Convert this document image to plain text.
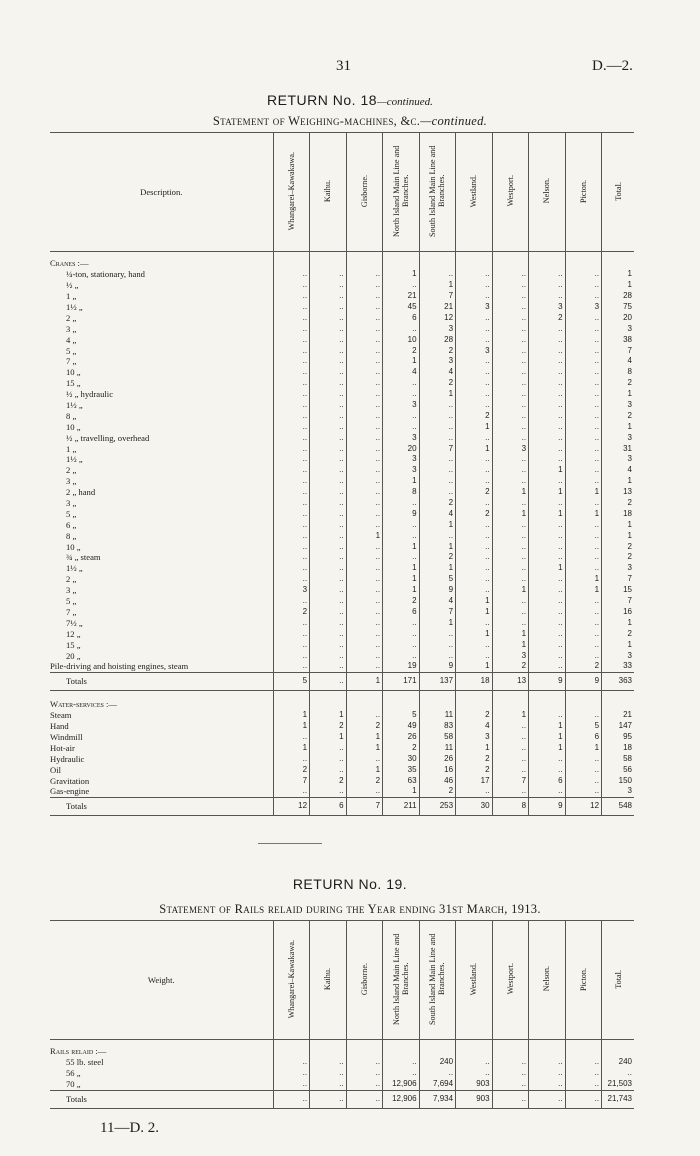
31	D.—2.
RETURN No. 18—continued.
Statement of Weighing-machines, &c.—continued.
Description.	Whangarei–Kawakawa.	Kaihu.	Gisborne.	North Island Main Line and Branches.	South Island Main Line and Branches.	Westland.	Westport.	Nelson.	Picton.	Total.

Cranes :—										
¼-ton, stationary, hand	..	..	..	1	..	..	..	..	..	1
½ „	..	..	..	..	1	..	..	..	..	1
1 „	..	..	..	21	7	..	..	..	..	28
1½ „	..	..	..	45	21	3	..	3	3	75
2 „	..	..	..	6	12	..	..	2	..	20
3 „	..	..	..	..	3	..	..	..	..	3
4 „	..	..	..	10	28	..	..	..	..	38
5 „	..	..	..	2	2	3	..	..	..	7
7 „	..	..	..	1	3	..	..	..	..	4
10 „	..	..	..	4	4	..	..	..	..	8
15 „	..	..	..	..	2	..	..	..	..	2
½ „ hydraulic	..	..	..	..	1	..	..	..	..	1
1½ „	..	..	..	3	..	..	..	..	..	3
8 „	..	..	..	..	..	2	..	..	..	2
10 „	..	..	..	..	..	1	..	..	..	1
½ „ travelling, overhead	..	..	..	3	..	..	..	..	..	3
1 „	..	..	..	20	7	1	3	..	..	31
1½ „	..	..	..	3	..	..	..	..	..	3
2 „	..	..	..	3	..	..	..	1	..	4
3 „	..	..	..	1	..	..	..	..	..	1
2 „ hand	..	..	..	8	..	2	1	1	1	13
3 „	..	..	..	..	2	..	..	..	..	2
5 „	..	..	..	9	4	2	1	1	1	18
6 „	..	..	..	..	1	..	..	..	..	1
8 „	..	..	1	..	..	..	..	..	..	1
10 „	..	..	..	1	1	..	..	..	..	2
¾ „ steam	..	..	..	..	2	..	..	..	..	2
1½ „	..	..	..	1	1	..	..	1	..	3
2 „	..	..	..	1	5	..	..	..	1	7
3 „	3	..	..	1	9	..	1	..	1	15
5 „	..	..	..	2	4	1	..	..	..	7
7 „	2	..	..	6	7	1	..	..	..	16
7½ „	..	..	..	..	1	..	..	..	..	1
12 „	..	..	..	..	..	1	1	..	..	2
15 „	..	..	..	..	..	..	1	..	..	1
20 „	..	..	..	..	..	..	3	..	..	3
Pile-driving and hoisting engines, steam	..	..	..	19	9	1	2	..	2	33
Totals	5	..	1	171	137	18	13	9	9	363

Water-services :—										
Steam	1	1	..	5	11	2	1	..	..	21
Hand	1	2	2	49	83	4	..	1	5	147
Windmill	..	1	1	26	58	3	..	1	6	95
Hot-air	1	..	1	2	11	1	..	1	1	18
Hydraulic	..	..	..	30	26	2	..	..	..	58
Oil	2	..	1	35	16	2	..	..	..	56
Gravitation	7	2	2	63	46	17	7	6	..	150
Gas-engine	..	..	..	1	2	..	..	..	..	3
Totals	12	6	7	211	253	30	8	9	12	548
RETURN No. 19.
Statement of Rails relaid during the Year ending 31st March, 1913.
Weight.	Whangarei–Kawakawa.	Kaihu.	Gisborne.	North Island Main Line and Branches.	South Island Main Line and Branches.	Westland.	Westport.	Nelson.	Picton.	Total.

Rails relaid :—										
55 lb. steel	..	..	..	..	240	..	..	..	..	240
56 „	..	..	..	..	..	..	..	..	..	..
70 „	..	..	..	12,906	7,694	903	..	..	..	21,503
Totals	..	..	..	12,906	7,934	903	..	..	..	21,743
11—D. 2.
